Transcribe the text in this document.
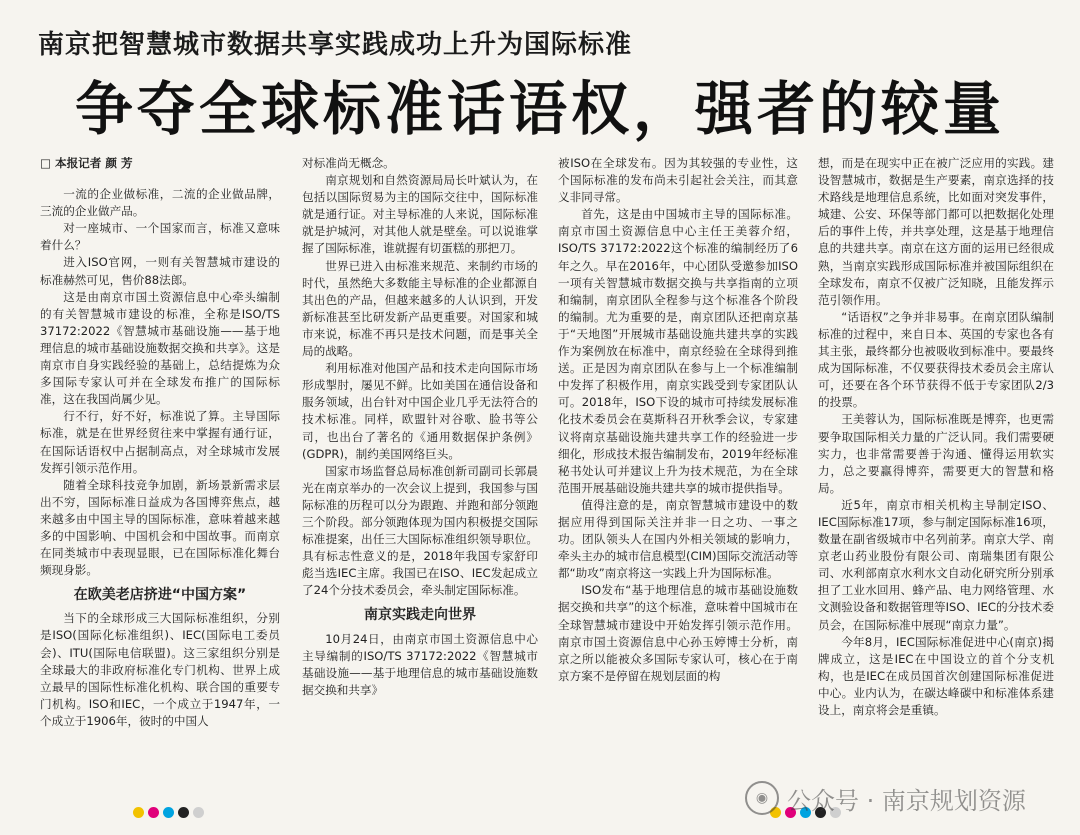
南京把智慧城市数据共享实践成功上升为国际标准
争夺全球标准话语权，强者的较量

□ 本报记者 颜 芳

一流的企业做标准，二流的企业做品牌，三流的企业做产品。

对一座城市、一个国家而言，标准又意味着什么？

进入ISO官网，一则有关智慧城市建设的标准赫然可见，售价88法郎。

这是由南京市国土资源信息中心牵头编制的有关智慧城市建设的标准，全称是ISO/TS 37172:2022《智慧城市基础设施——基于地理信息的城市基础设施数据交换和共享》。这是南京市自身实践经验的基础上，总结提炼为众多国际专家认可并在全球发布推广的国际标准，这在我国尚属少见。

行不行，好不好，标准说了算。主导国际标准，就是在世界经贸往来中掌握有通行证，在国际话语权中占据制高点，对全球城市发展发挥引领示范作用。

随着全球科技竞争加剧，新场景新需求层出不穷，国际标准日益成为各国博弈焦点，越来越多由中国主导的国际标准，意味着越来越多的中国影响、中国机会和中国故事。而南京在同类城市中表现显眼，已在国际标准化舞台频现身影。

在欧美老店挤进“中国方案”

当下的全球形成三大国际标准组织，分别是ISO(国际化标准组织)、IEC(国际电工委员会)、ITU(国际电信联盟)。这三家组织分别是全球最大的非政府标准化专门机构、世界上成立最早的国际性标准化机构、联合国的重要专门机构。ISO和IEC，一个成立于1947年，一个成立于1906年，彼时的中国人

对标准尚无概念。

南京规划和自然资源局局长叶斌认为，在包括以国际贸易为主的国际交往中，国际标准就是通行证。对主导标准的人来说，国际标准就是护城河，对其他人就是壁垒。可以说谁掌握了国际标准，谁就握有切蛋糕的那把刀。

世界已进入由标准来规范、来制约市场的时代，虽然绝大多数能主导标准的企业都源自其出色的产品，但越来越多的人认识到，开发新标准甚至比研发新产品更重要。对国家和城市来说，标准不再只是技术问题，而是事关全局的战略。

利用标准对他国产品和技术走向国际市场形成掣肘，屡见不鲜。比如美国在通信设备和服务领域，出台针对中国企业几乎无法符合的技术标准。同样，欧盟针对谷歌、脸书等公司，也出台了著名的《通用数据保护条例》(GDPR)，制约美国网络巨头。

国家市场监督总局标准创新司副司长郭晨光在南京举办的一次会议上提到，我国参与国际标准的历程可以分为跟跑、并跑和部分领跑三个阶段。部分领跑体现为国内积极提交国际标准提案，出任三大国际标准组织领导职位。具有标志性意义的是，2018年我国专家舒印彪当选IEC主席。我国已在ISO、IEC发起成立了24个分技术委员会，牵头制定国际标准。

南京实践走向世界

10月24日，由南京市国土资源信息中心主导编制的ISO/TS 37172:2022《智慧城市基础设施——基于地理信息的城市基础设施数据交换和共享》

被ISO在全球发布。因为其较强的专业性，这个国际标准的发布尚未引起社会关注，而其意义非同寻常。

首先，这是由中国城市主导的国际标准。南京市国土资源信息中心主任王美蓉介绍，ISO/TS 37172:2022这个标准的编制经历了6年之久。早在2016年，中心团队受邀参加ISO一项有关智慧城市数据交换与共享指南的立项和编制，南京团队全程参与这个标准各个阶段的编制。尤为重要的是，南京团队还把南京基于“天地图”开展城市基础设施共建共享的实践作为案例放在标准中，南京经验在全球得到推送。正是因为南京团队在参与上一个标准编制中发挥了积极作用，南京实践受到专家团队认可。2018年，ISO下设的城市可持续发展标准化技术委员会在莫斯科召开秋季会议，专家建议将南京基础设施共建共享工作的经验进一步细化，形成技术报告编制发布，2019年经标准秘书处认可并建议上升为技术规范，为在全球范围开展基础设施共建共享的城市提供指导。

值得注意的是，南京智慧城市建设中的数据应用得到国际关注并非一日之功、一事之功。团队领头人在国内外相关领域的影响力，牵头主办的城市信息模型(CIM)国际交流活动等都“助攻”南京将这一实践上升为国际标准。

ISO发布“基于地理信息的城市基础设施数据交换和共享”的这个标准，意味着中国城市在全球智慧城市建设中开始发挥引领示范作用。南京市国土资源信息中心孙玉婷博士分析，南京之所以能被众多国际专家认可，核心在于南京方案不是停留在规划层面的构

想，而是在现实中正在被广泛应用的实践。建设智慧城市，数据是生产要素，南京选择的技术路线是地理信息系统，比如面对突发事件，城建、公安、环保等部门都可以把数据化处理后的事件上传，并共享处理，这是基于地理信息的共建共享。南京在这方面的运用已经很成熟，当南京实践形成国际标准并被国际组织在全球发布，南京不仅被广泛知晓，且能发挥示范引领作用。

“话语权”之争并非易事。在南京团队编制标准的过程中，来自日本、英国的专家也各有其主张，最终都分也被吸收到标准中。要最终成为国际标准，不仅要获得技术委员会主席认可，还要在各个环节获得不低于专家团队2/3的投票。

王美蓉认为，国际标准既是博弈，也更需要争取国际相关力量的广泛认同。我们需要硬实力，也非常需要善于沟通、懂得运用软实力，总之要赢得博弈，需要更大的智慧和格局。

近5年，南京市相关机构主导制定ISO、IEC国际标准17项，参与制定国际标准16项，数量在副省级城市中名列前茅。南京大学、南京老山药业股份有限公司、南瑞集团有限公司、水利部南京水利水文自动化研究所分别承担了工业水回用、蜂产品、电力网络管理、水文测验设备和数据管理等ISO、IEC的分技术委员会，在国际标准中展现“南京力量”。

今年8月，IEC国际标准促进中心(南京)揭牌成立，这是IEC在中国设立的首个分支机构，也是IEC在成员国首次创建国际标准促进中心。业内认为，在碳达峰碳中和标准体系建设上，南京将会是重镇。

◉ 公众号 · 南京规划资源
